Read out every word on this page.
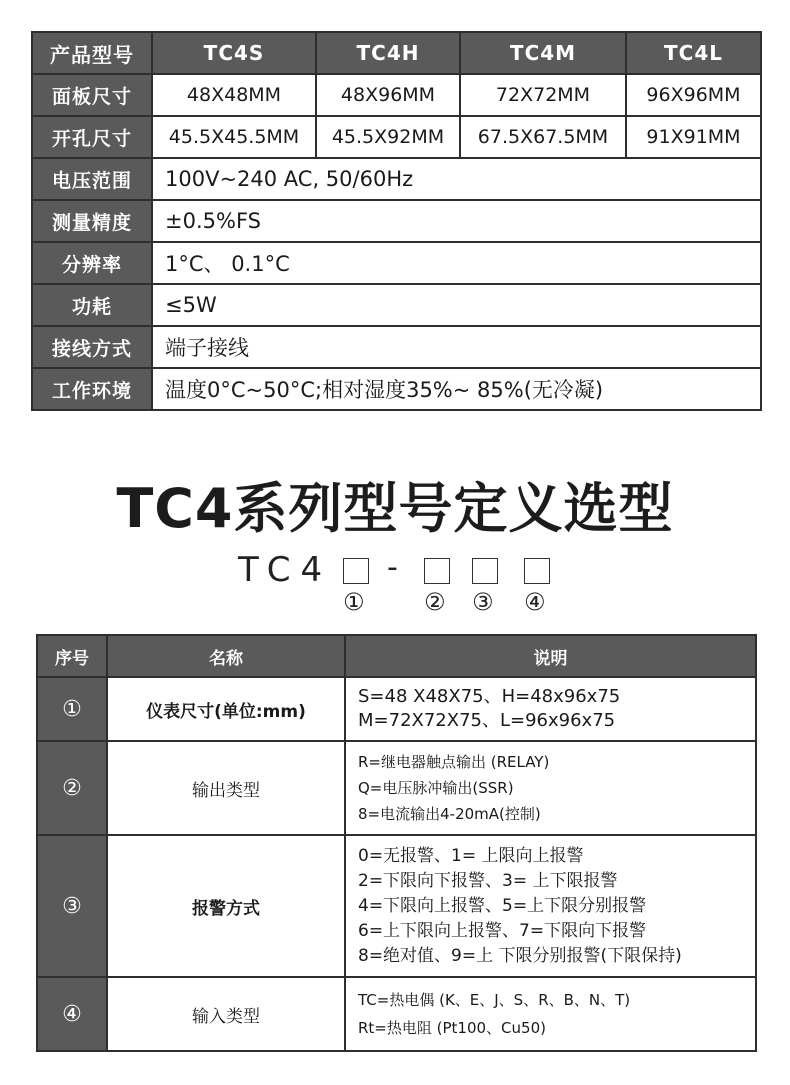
产品型号	TC4S	TC4H	TC4M	TC4L
面板尺寸	48X48MM	48X96MM	72X72MM	96X96MM
开孔尺寸	45.5X45.5MM	45.5X92MM	67.5X67.5MM	91X91MM
电压范围	100V~240 AC, 50/60Hz			
测量精度	±0.5%FS			
分辨率	1°C、 0.1°C			
功耗	≤5W			
接线方式	端子接线			
工作环境	温度0°C~50°C;相对湿度35%~ 85%(无冷凝)			
TC4系列型号定义选型
TC4 -
① ② ③ ④
序号	名称	说明
①	仪表尺寸(单位:mm)	S=48 X48X75、H=48x96x75
M=72X72X75、L=96x96x75

②	输出类型	R=继电器触点输出 (RELAY)
Q=电压脉冲输出(SSR)
8=电流输出4-20mA(控制)

③	报警方式	0=无报警、1= 上限向上报警
2=下限向下报警、3= 上下限报警
4=下限向上报警、5=上下限分别报警
6=上下限向上报警、7=下限向下报警
8=绝对值、9=上 下限分别报警(下限保持)

④	输入类型	TC=热电偶 (K、E、J、S、R、B、N、T)
Rt=热电阻 (Pt100、Cu50)
